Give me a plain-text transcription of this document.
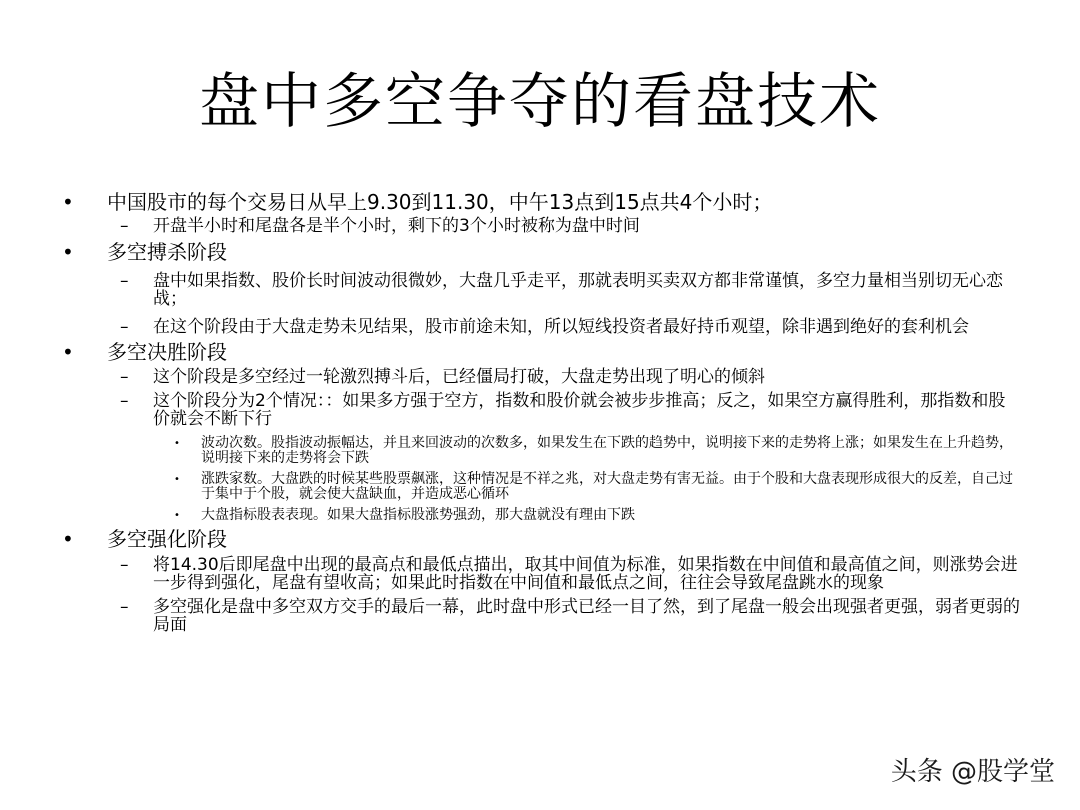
盘中多空争夺的看盘技术
• 中国股市的每个交易日从早上9.30到11.30，中午13点到15点共4个小时；
– 开盘半小时和尾盘各是半个小时，剩下的3个小时被称为盘中时间
• 多空搏杀阶段
– 盘中如果指数、股价长时间波动很微妙，大盘几乎走平，那就表明买卖双方都非常谨慎，多空力量相当别切无心恋战；
– 在这个阶段由于大盘走势未见结果，股市前途未知，所以短线投资者最好持币观望，除非遇到绝好的套利机会
• 多空决胜阶段
– 这个阶段是多空经过一轮激烈搏斗后，已经僵局打破，大盘走势出现了明心的倾斜
– 这个阶段分为2个情况：：如果多方强于空方，指数和股价就会被步步推高；反之，如果空方赢得胜利，那指数和股价就会不断下行
• 波动次数。股指波动振幅达，并且来回波动的次数多，如果发生在下跌的趋势中，说明接下来的走势将上涨；如果发生在上升趋势，说明接下来的走势将会下跌
• 涨跌家数。大盘跌的时候某些股票飙涨，这种情况是不祥之兆，对大盘走势有害无益。由于个股和大盘表现形成很大的反差，自己过于集中于个股，就会使大盘缺血，并造成恶心循环
• 大盘指标股表表现。如果大盘指标股涨势强劲，那大盘就没有理由下跌
• 多空强化阶段
– 将14.30后即尾盘中出现的最高点和最低点描出，取其中间值为标准，如果指数在中间值和最高值之间，则涨势会进一步得到强化，尾盘有望收高；如果此时指数在中间值和最低点之间，往往会导致尾盘跳水的现象
– 多空强化是盘中多空双方交手的最后一幕，此时盘中形式已经一目了然，到了尾盘一般会出现强者更强，弱者更弱的局面
头条 @股学堂
